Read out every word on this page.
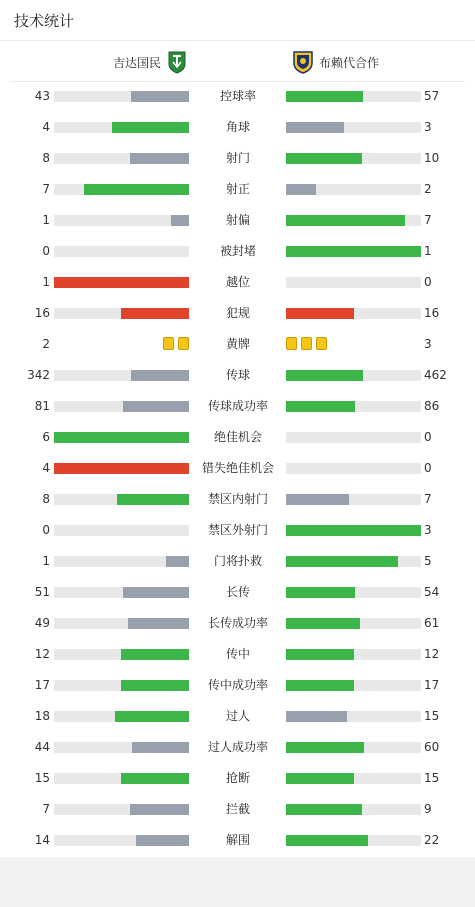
技术统计
吉达国民	布赖代合作
43	控球率	57
4	角球	3
8	射门	10
7	射正	2
1	射偏	7
0	被封堵	1
1	越位	0
16	犯规	16
2	黄牌	3
342	传球	462
81	传球成功率	86
6	绝佳机会	0
4	错失绝佳机会	0
8	禁区内射门	7
0	禁区外射门	3
1	门将扑救	5
51	长传	54
49	长传成功率	61
12	传中	12
17	传中成功率	17
18	过人	15
44	过人成功率	60
15	抢断	15
7	拦截	9
14	解围	22
